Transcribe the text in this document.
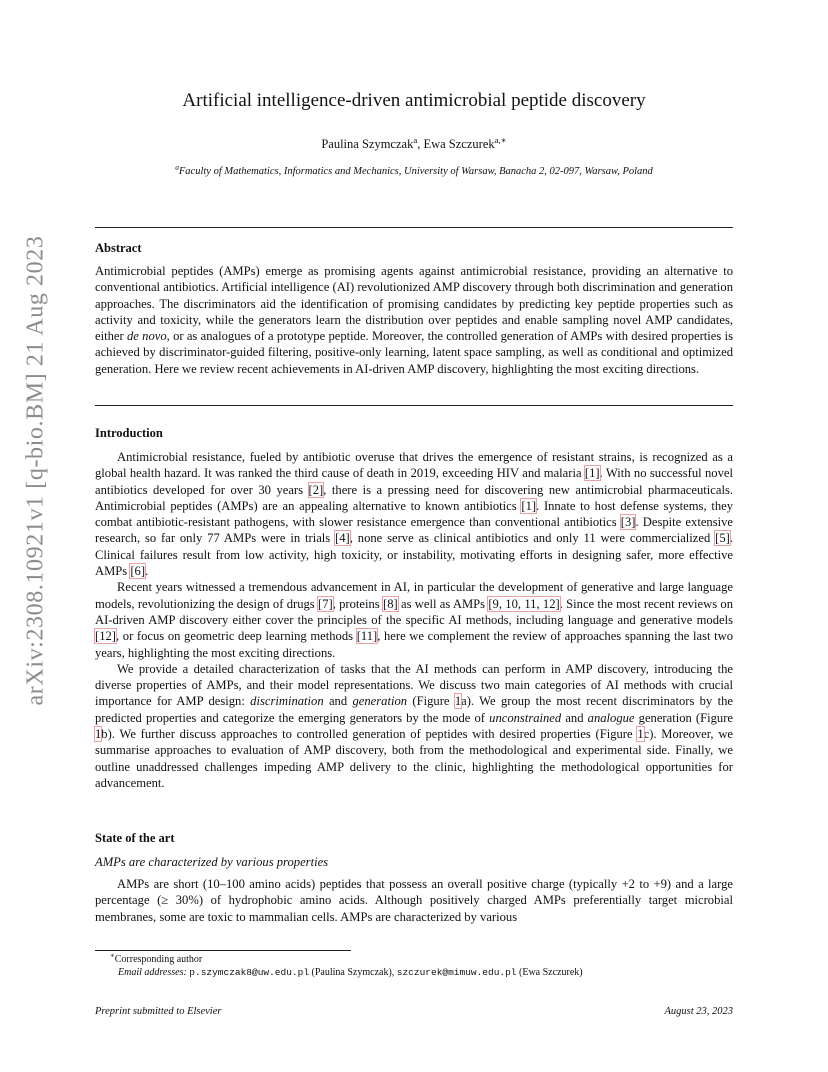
arXiv:2308.10921v1 [q-bio.BM] 21 Aug 2023
Artificial intelligence-driven antimicrobial peptide discovery
Paulina Szymczak$^a$, Ewa Szczurek$^{a,∗}$
$^a$Faculty of Mathematics, Informatics and Mechanics, University of Warsaw, Banacha 2, 02-097, Warsaw, Poland
Abstract

Antimicrobial peptides (AMPs) emerge as promising agents against antimicrobial resistance, providing an alternative to conventional antibiotics. Artificial intelligence (AI) revolutionized AMP discovery through both discrimination and generation approaches. The discriminators aid the identification of promising candidates by predicting key peptide properties such as activity and toxicity, while the generators learn the distribution over peptides and enable sampling novel AMP candidates, either de novo, or as analogues of a prototype peptide. Moreover, the controlled generation of AMPs with desired properties is achieved by discriminator-guided filtering, positive-only learning, latent space sampling, as well as conditional and optimized generation. Here we review recent achievements in AI-driven AMP discovery, highlighting the most exciting directions.

Introduction

Antimicrobial resistance, fueled by antibiotic overuse that drives the emergence of resistant strains, is recognized as a global health hazard. It was ranked the third cause of death in 2019, exceeding HIV and malaria [1]. With no successful novel antibiotics developed for over 30 years [2], there is a pressing need for discovering new antimicrobial pharmaceuticals. Antimicrobial peptides (AMPs) are an appealing alternative to known antibiotics [1]. Innate to host defense systems, they combat antibiotic-resistant pathogens, with slower resistance emergence than conventional antibiotics [3]. Despite extensive research, so far only 77 AMPs were in trials [4], none serve as clinical antibiotics and only 11 were commercialized [5]. Clinical failures result from low activity, high toxicity, or instability, motivating efforts in designing safer, more effective AMPs [6].

Recent years witnessed a tremendous advancement in AI, in particular the development of generative and large language models, revolutionizing the design of drugs [7], proteins [8] as well as AMPs [9, 10, 11, 12]. Since the most recent reviews on AI-driven AMP discovery either cover the principles of the specific AI methods, including language and generative models [12], or focus on geometric deep learning methods [11], here we complement the review of approaches spanning the last two years, highlighting the most exciting directions.

We provide a detailed characterization of tasks that the AI methods can perform in AMP discovery, introducing the diverse properties of AMPs, and their model representations. We discuss two main categories of AI methods with crucial importance for AMP design: discrimination and generation (Figure 1a). We group the most recent discriminators by the predicted properties and categorize the emerging generators by the mode of unconstrained and analogue generation (Figure 1b). We further discuss approaches to controlled generation of peptides with desired properties (Figure 1c). Moreover, we summarise approaches to evaluation of AMP discovery, both from the methodological and experimental side. Finally, we outline unaddressed challenges impeding AMP delivery to the clinic, highlighting the methodological opportunities for advancement.

State of the art
AMPs are characterized by various properties

AMPs are short (10–100 amino acids) peptides that possess an overall positive charge (typically +2 to +9) and a large percentage (≥ 30%) of hydrophobic amino acids. Although positively charged AMPs preferentially target microbial membranes, some are toxic to mammalian cells. AMPs are characterized by various

∗Corresponding author
Email addresses: p.szymczak8@uw.edu.pl (Paulina Szymczak), szczurek@mimuw.edu.pl (Ewa Szczurek)
Preprint submitted to Elsevier	August 23, 2023
